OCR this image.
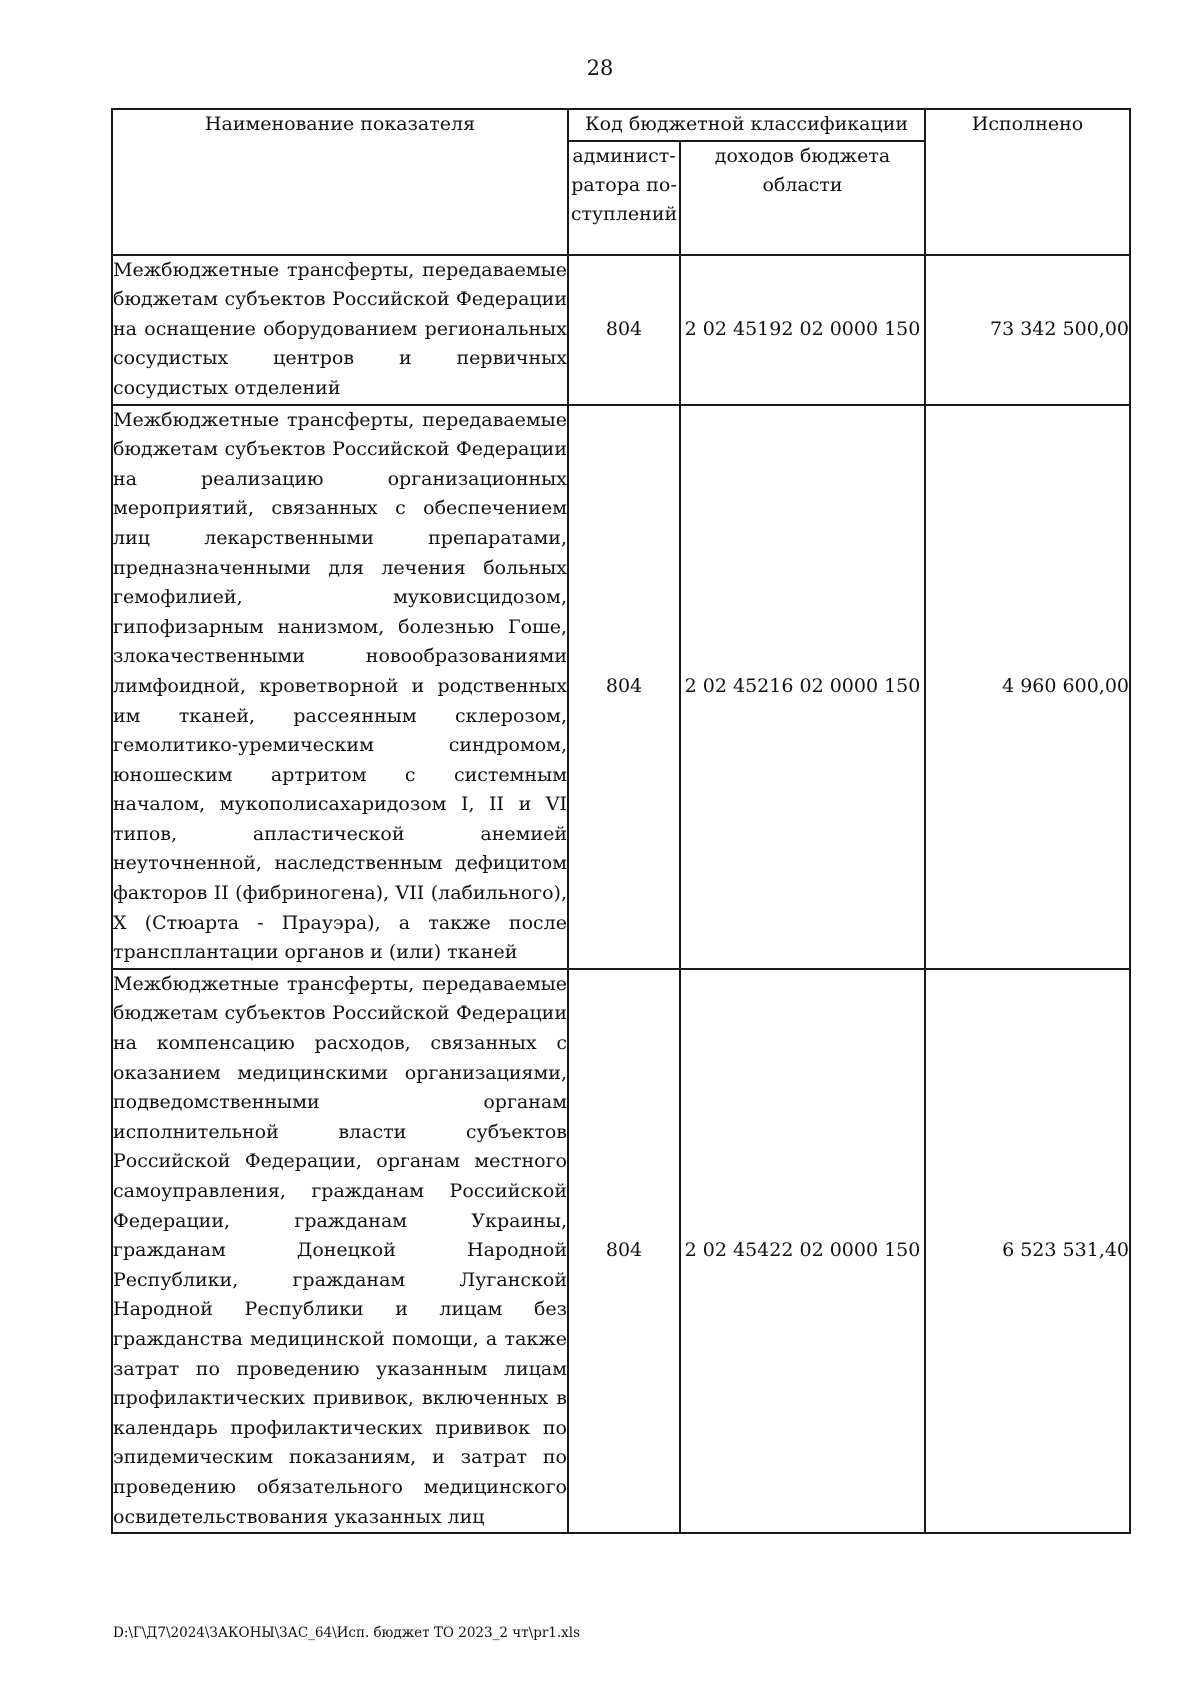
28
Наименование показателя	Код бюджетной классификации		Исполнено
	админист-ратора по-ступлений	доходов бюджета области	
Межбюджетные трансферты, передаваемые бюджетам субъектов Российской Федерации на оснащение оборудованием региональных сосудистых центров и первичных сосудистых отделений	804	2 02 45192 02 0000 150	73 342 500,00
Межбюджетные трансферты, передаваемые бюджетам субъектов Российской Федерации на реализацию организационных мероприятий, связанных с обеспечением лиц лекарственными препаратами, предназначенными для лечения больных гемофилией, муковисцидозом, гипофизарным нанизмом, болезнью Гоше, злокачественными новообразованиями лимфоидной, кроветворной и родственных им тканей, рассеянным склерозом, гемолитико-уремическим синдромом, юношеским артритом с системным началом, мукополисахаридозом I, II и VI типов, апластической анемией неуточненной, наследственным дефицитом факторов II (фибриногена), VII (лабильного), X (Стюарта - Прауэра), а также после трансплантации органов и (или) тканей	804	2 02 45216 02 0000 150	4 960 600,00
Межбюджетные трансферты, передаваемые бюджетам субъектов Российской Федерации на компенсацию расходов, связанных с оказанием медицинскими организациями, подведомственными органам исполнительной власти субъектов Российской Федерации, органам местного самоуправления, гражданам Российской Федерации, гражданам Украины, гражданам Донецкой Народной Республики, гражданам Луганской Народной Республики и лицам без гражданства медицинской помощи, а также затрат по проведению указанным лицам профилактических прививок, включенных в календарь профилактических прививок по эпидемическим показаниям, и затрат по проведению обязательного медицинского освидетельствования указанных лиц	804	2 02 45422 02 0000 150	6 523 531,40
D:\Г\Д7\2024\ЗАКОНЫ\ЗАС_64\Исп. бюджет ТО 2023_2 чт\pr1.xls
